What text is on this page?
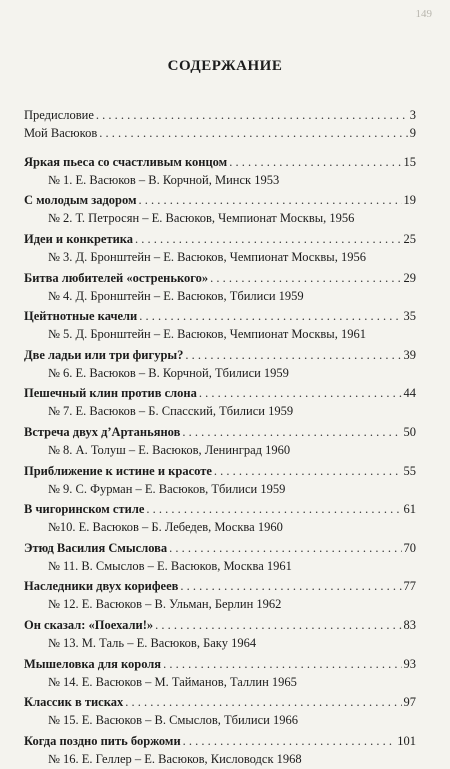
149
СОДЕРЖАНИЕ
Предисловие . . .	3
Мой Васюков . . .	9
Яркая пьеса со счастливым концом . . .	15
№ 1. Е. Васюков – В. Корчной, Минск 1953
С молодым задором . . .	19
№ 2. Т. Петросян – Е. Васюков, Чемпионат Москвы, 1956
Идеи и конкретика . . .	25
№ 3. Д. Бронштейн – Е. Васюков, Чемпионат Москвы, 1956
Битва любителей «остренького» . . .	29
№ 4. Д. Бронштейн – Е. Васюков, Тбилиси 1959
Цейтнотные качели . . .	35
№ 5. Д. Бронштейн – Е. Васюков, Чемпионат Москвы, 1961
Две ладьи или три фигуры? . . .	39
№ 6. Е. Васюков – В. Корчной, Тбилиси 1959
Пешечный клин против слона . . .	44
№ 7. Е. Васюков – Б. Спасский, Тбилиси 1959
Встреча двух д’Артаньянов . . .	50
№ 8. А. Толуш – Е. Васюков, Ленинград 1960
Приближение к истине и красоте . . .	55
№ 9. С. Фурман – Е. Васюков, Тбилиси 1959
В чигоринском стиле . . .	61
№10. Е. Васюков – Б. Лебедев, Москва 1960
Этюд Василия Смыслова . . .	70
№ 11. В. Смыслов – Е. Васюков, Москва 1961
Наследники двух корифеев . . .	77
№ 12. Е. Васюков – В. Ульман, Берлин 1962
Он сказал: «Поехали!» . . .	83
№ 13. М. Таль – Е. Васюков, Баку 1964
Мышеловка для короля . . .	93
№ 14. Е. Васюков – М. Тайманов, Таллин 1965
Классик в тисках . . .	97
№ 15. Е. Васюков – В. Смыслов, Тбилиси 1966
Когда поздно пить боржоми . . .	101
№ 16. Е. Геллер – Е. Васюков, Кисловодск 1968
